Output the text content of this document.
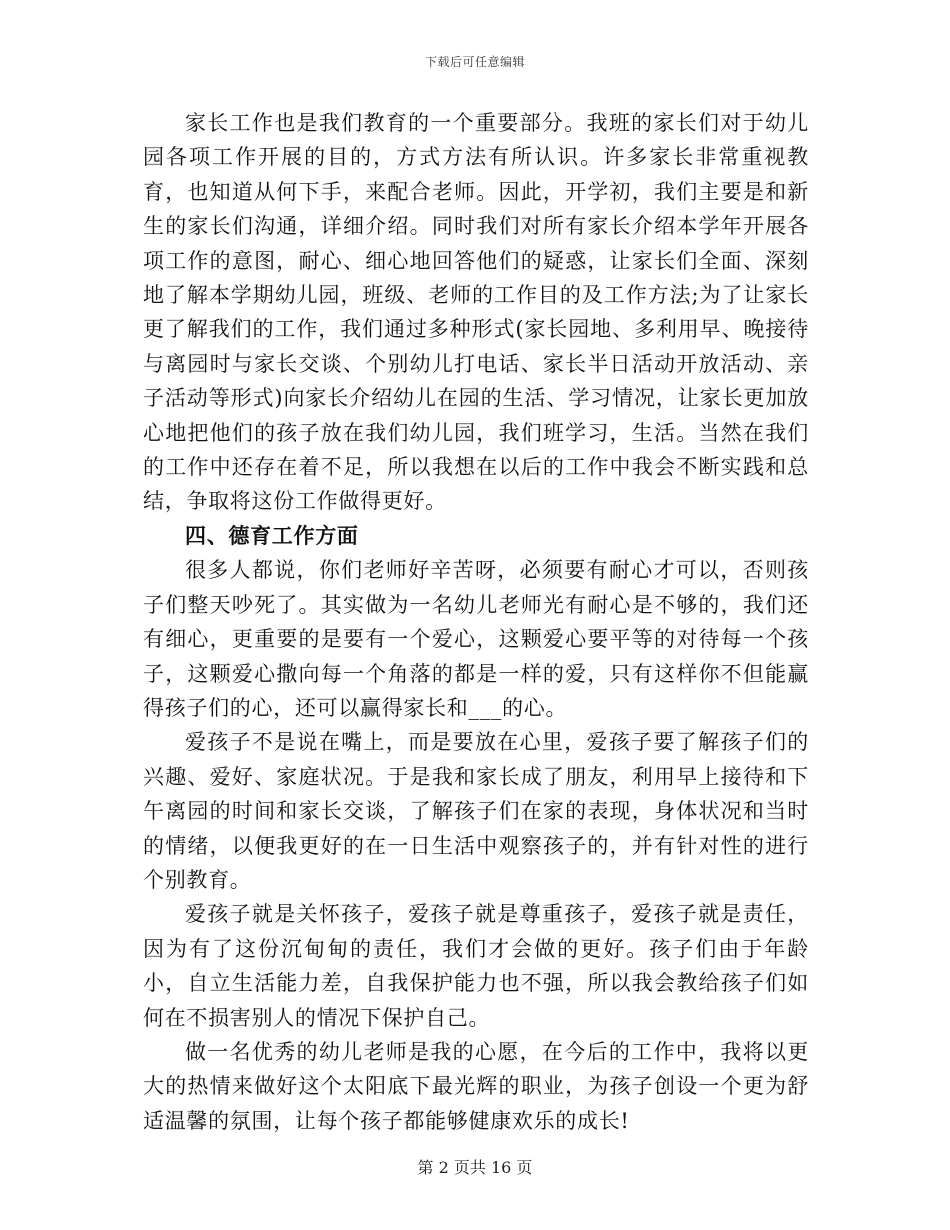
下载后可任意编辑

家长工作也是我们教育的一个重要部分。我班的家长们对于幼儿园各项工作开展的目的，方式方法有所认识。许多家长非常重视教育，也知道从何下手，来配合老师。因此，开学初，我们主要是和新生的家长们沟通，详细介绍。同时我们对所有家长介绍本学年开展各项工作的意图，耐心、细心地回答他们的疑惑，让家长们全面、深刻地了解本学期幼儿园，班级、老师的工作目的及工作方法;为了让家长更了解我们的工作，我们通过多种形式(家长园地、多利用早、晚接待与离园时与家长交谈、个别幼儿打电话、家长半日活动开放活动、亲子活动等形式)向家长介绍幼儿在园的生活、学习情况，让家长更加放心地把他们的孩子放在我们幼儿园，我们班学习，生活。当然在我们的工作中还存在着不足，所以我想在以后的工作中我会不断实践和总结，争取将这份工作做得更好。

四、德育工作方面

很多人都说，你们老师好辛苦呀，必须要有耐心才可以，否则孩子们整天吵死了。其实做为一名幼儿老师光有耐心是不够的，我们还有细心，更重要的是要有一个爱心，这颗爱心要平等的对待每一个孩子，这颗爱心撒向每一个角落的都是一样的爱，只有这样你不但能赢得孩子们的心，还可以赢得家长和___的心。

爱孩子不是说在嘴上，而是要放在心里，爱孩子要了解孩子们的兴趣、爱好、家庭状况。于是我和家长成了朋友，利用早上接待和下午离园的时间和家长交谈，了解孩子们在家的表现，身体状况和当时的情绪，以便我更好的在一日生活中观察孩子的，并有针对性的进行个别教育。

爱孩子就是关怀孩子，爱孩子就是尊重孩子，爱孩子就是责任，因为有了这份沉甸甸的责任，我们才会做的更好。孩子们由于年龄小，自立生活能力差，自我保护能力也不强，所以我会教给孩子们如何在不损害别人的情况下保护自己。

做一名优秀的幼儿老师是我的心愿，在今后的工作中，我将以更大的热情来做好这个太阳底下最光辉的职业，为孩子创设一个更为舒适温馨的氛围，让每个孩子都能够健康欢乐的成长!

第 2 页共 16 页
